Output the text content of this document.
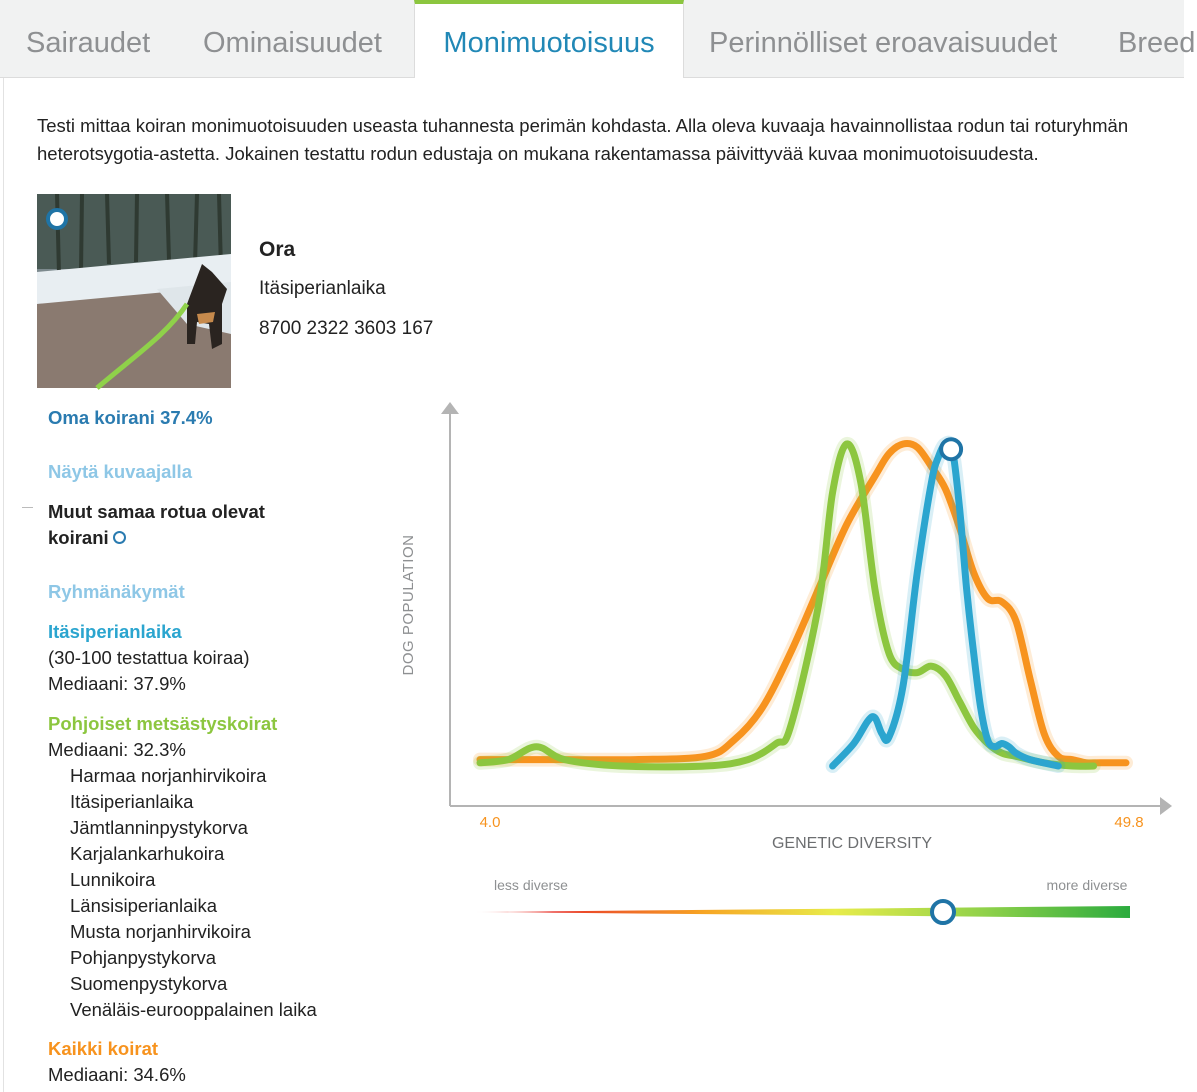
Sairaudet Ominaisuudet	Monimuotoisuus	Perinnölliset eroavaisuudet Breed
Testi mittaa koiran monimuotoisuuden useasta tuhannesta perimän kohdasta. Alla oleva kuvaaja havainnollistaa rodun tai roturyhmän
heterotsygotia-astetta. Jokainen testattu rodun edustaja on mukana rakentamassa päivittyvää kuvaa monimuotoisuudesta.
Ora
Itäsiperianlaika
8700 2322 3603 167
Oma koirani 37.4%
Näytä kuvaajalla
Muut samaa rotua olevat
koirani
Ryhmänäkymät
Itäsiperianlaika
(30-100 testattua koiraa)
Mediaani: 37.9%
Pohjoiset metsästyskoirat
Mediaani: 32.3%
Harmaa norjanhirvikoira
Itäsiperianlaika
Jämtlanninpystykorva
Karjalankarhukoira
Lunnikoira
Länsisiperianlaika
Musta norjanhirvikoira
Pohjanpystykorva
Suomenpystykorva
Venäläis-eurooppalainen laika
Kaikki koirat
Mediaani: 34.6%
DOG POPULATION
GENETIC DIVERSITY
4.0	49.8
less diverse	more diverse
